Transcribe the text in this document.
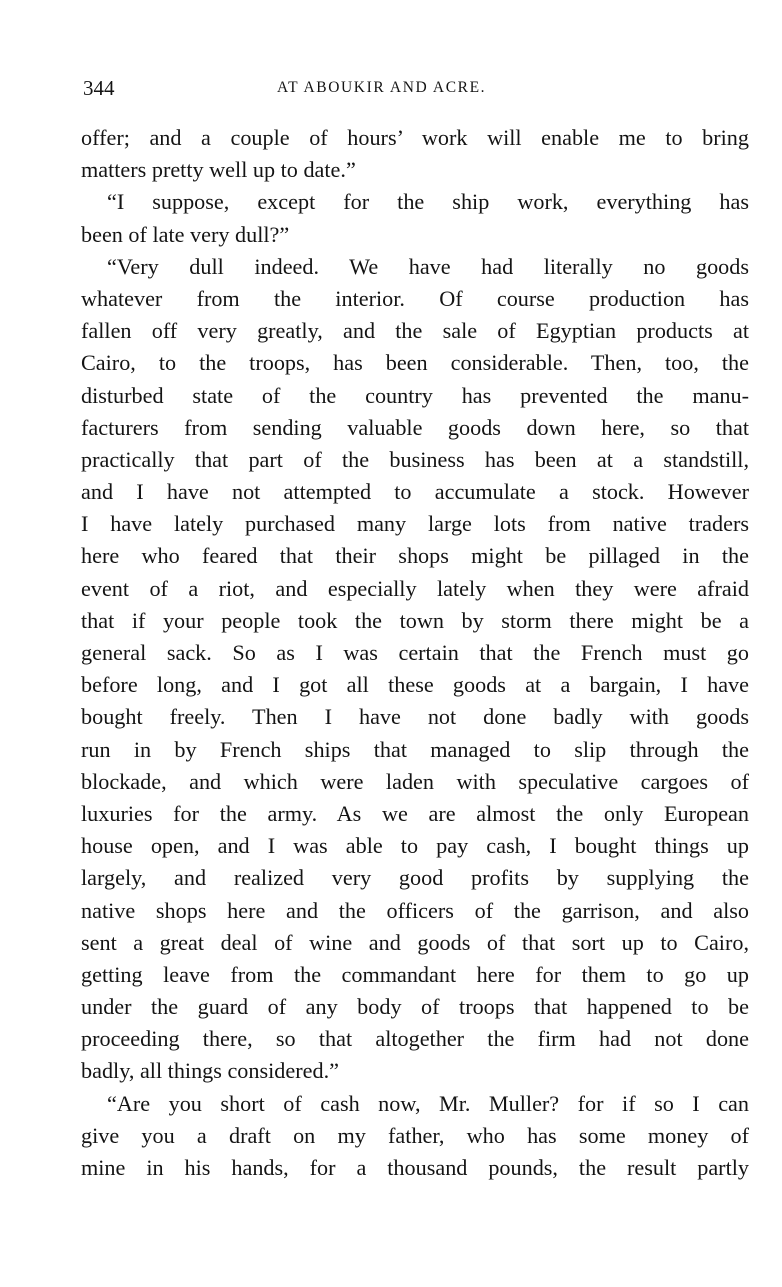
344	AT ABOUKIR AND ACRE.
offer; and a couple of hours’ work will enable me to bring
matters pretty well up to date.”
“I suppose, except for the ship work, everything has
been of late very dull?”
“Very dull indeed. We have had literally no goods
whatever from the interior. Of course production has
fallen off very greatly, and the sale of Egyptian products at
Cairo, to the troops, has been considerable. Then, too, the
disturbed state of the country has prevented the manu-
facturers from sending valuable goods down here, so that
practically that part of the business has been at a standstill,
and I have not attempted to accumulate a stock. However
I have lately purchased many large lots from native traders
here who feared that their shops might be pillaged in the
event of a riot, and especially lately when they were afraid
that if your people took the town by storm there might be a
general sack. So as I was certain that the French must go
before long, and I got all these goods at a bargain, I have
bought freely. Then I have not done badly with goods
run in by French ships that managed to slip through the
blockade, and which were laden with speculative cargoes of
luxuries for the army. As we are almost the only European
house open, and I was able to pay cash, I bought things up
largely, and realized very good profits by supplying the
native shops here and the officers of the garrison, and also
sent a great deal of wine and goods of that sort up to Cairo,
getting leave from the commandant here for them to go up
under the guard of any body of troops that happened to be
proceeding there, so that altogether the firm had not done
badly, all things considered.”
“Are you short of cash now, Mr. Muller? for if so I can
give you a draft on my father, who has some money of
mine in his hands, for a thousand pounds, the result partly
